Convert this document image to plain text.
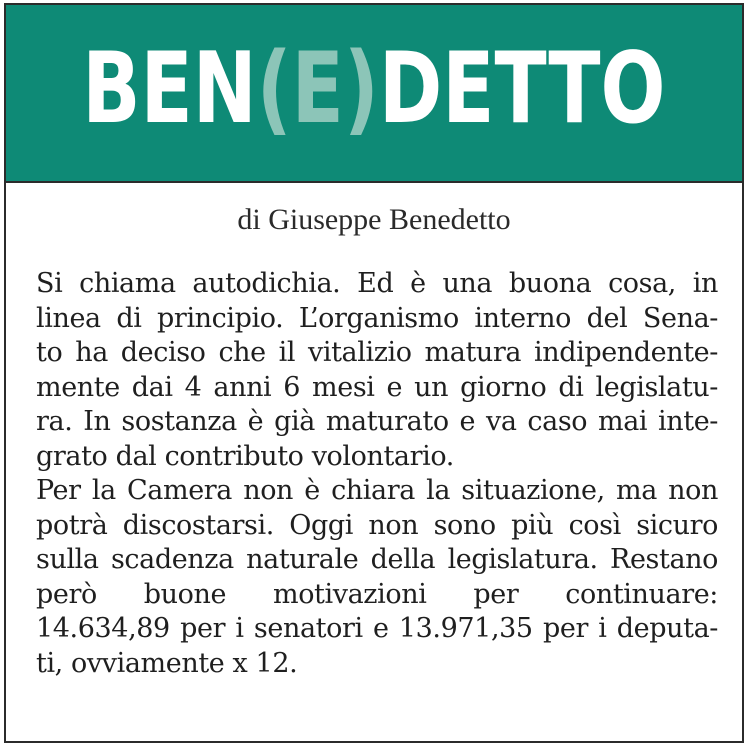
BEN(E)DETTO
di Giuseppe Benedetto
Si chiama autodichia. Ed è una buona cosa, in
linea di principio. L’organismo interno del Sena-
to ha deciso che il vitalizio matura indipendente-
mente dai 4 anni 6 mesi e un giorno di legislatu-
ra. In sostanza è già maturato e va caso mai inte-
grato dal contributo volontario.
Per la Camera non è chiara la situazione, ma non
potrà discostarsi. Oggi non sono più così sicuro
sulla scadenza naturale della legislatura. Restano
però buone motivazioni per continuare:
14.634,89 per i senatori e 13.971,35 per i deputa-
ti, ovviamente x 12.
